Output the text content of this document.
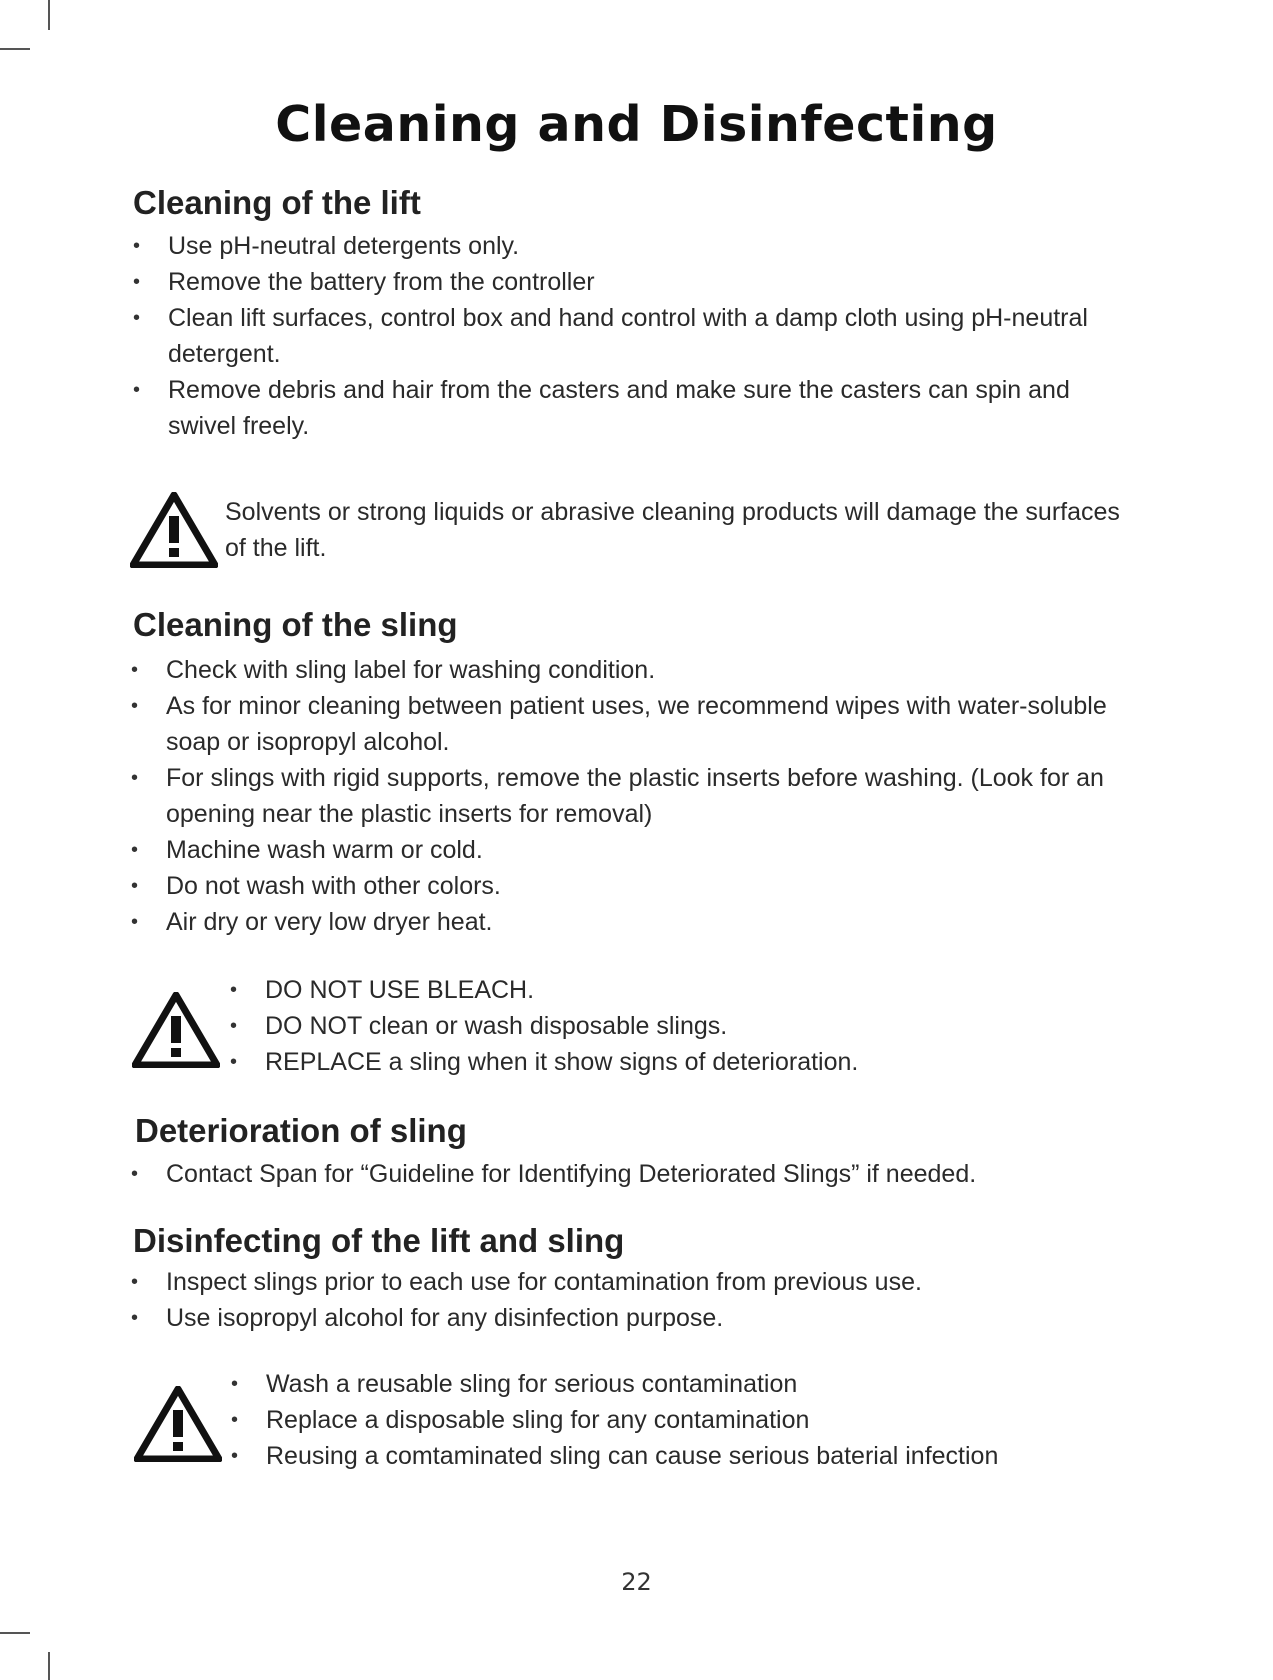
Cleaning and Disinfecting
Cleaning of the lift
• Use pH-neutral detergents only.
• Remove the battery from the controller
• Clean lift surfaces, control box and hand control with a damp cloth using pH-neutral detergent.
• Remove debris and hair from the casters and make sure the casters can spin and swivel freely.

Solvents or strong liquids or abrasive cleaning products will damage the surfaces of the lift.

Cleaning of the sling
• Check with sling label for washing condition.
• As for minor cleaning between patient uses, we recommend wipes with water-soluble soap or isopropyl alcohol.
• For slings with rigid supports, remove the plastic inserts before washing. (Look for an opening near the plastic inserts for removal)
• Machine wash warm or cold.
• Do not wash with other colors.
• Air dry or very low dryer heat.
• DO NOT USE BLEACH.
• DO NOT clean or wash disposable slings.
• REPLACE a sling when it show signs of deterioration.
Deterioration of sling
• Contact Span for “Guideline for Identifying Deteriorated Slings” if needed.
Disinfecting of the lift and sling
• Inspect slings prior to each use for contamination from previous use.
• Use isopropyl alcohol for any disinfection purpose.
• Wash a reusable sling for serious contamination
• Replace a disposable sling for any contamination
• Reusing a comtaminated sling can cause serious baterial infection
22
